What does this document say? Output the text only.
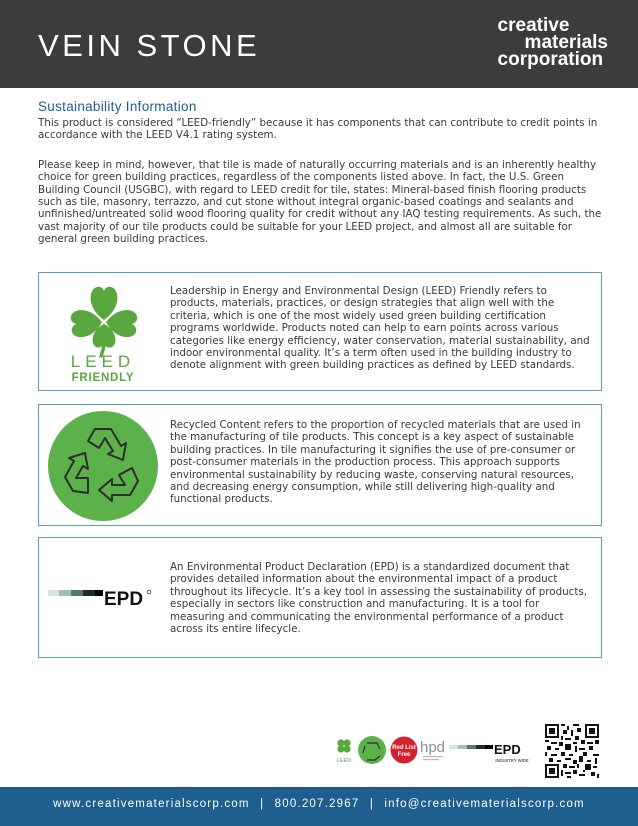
VEIN STONE
creative
materials
corporation
Sustainability Information

This product is considered “LEED-friendly” because it has components that can contribute to credit points in accordance with the LEED V4.1 rating system.

Please keep in mind, however, that tile is made of naturally occurring materials and is an inherently healthy choice for green building practices, regardless of the components listed above. In fact, the U.S. Green Building Council (USGBC), with regard to LEED credit for tile, states: Mineral-based finish flooring products such as tile, masonry, terrazzo, and cut stone without integral organic-based coatings and sealants and unfinished/untreated solid wood flooring quality for credit without any IAQ testing requirements. As such, the vast majority of our tile products could be suitable for your LEED project, and almost all are suitable for general green building practices.

LEED
FRIENDLY
Leadership in Energy and Environmental Design (LEED) Friendly refers to products, materials, practices, or design strategies that align well with the criteria, which is one of the most widely used green building certification programs worldwide. Products noted can help to earn points across various categories like energy efficiency, water conservation, material sustainability, and indoor environmental quality. It’s a term often used in the building industry to denote alignment with green building practices as defined by LEED standards.
Recycled Content refers to the proportion of recycled materials that are used in the manufacturing of tile products. This concept is a key aspect of sustainable building practices. In tile manufacturing it signifies the use of pre-consumer or post-consumer materials in the production process. This approach supports environmental sustainability by reducing waste, conserving natural resources, and decreasing energy consumption, while still delivering high-quality and functional products.
EPD
An Environmental Product Declaration (EPD) is a standardized document that provides detailed information about the environmental impact of a product throughout its lifecycle. It’s a key tool in assessing the sustainability of products, especially in sectors like construction and manufacturing. It is a tool for measuring and communicating the environmental performance of a product across its entire lifecycle.
LEED
Red List
Free hpd	EPD
INDUSTRY WIDE
www.creativematerialscorp.com | 800.207.2967 | info@creativematerialscorp.com
